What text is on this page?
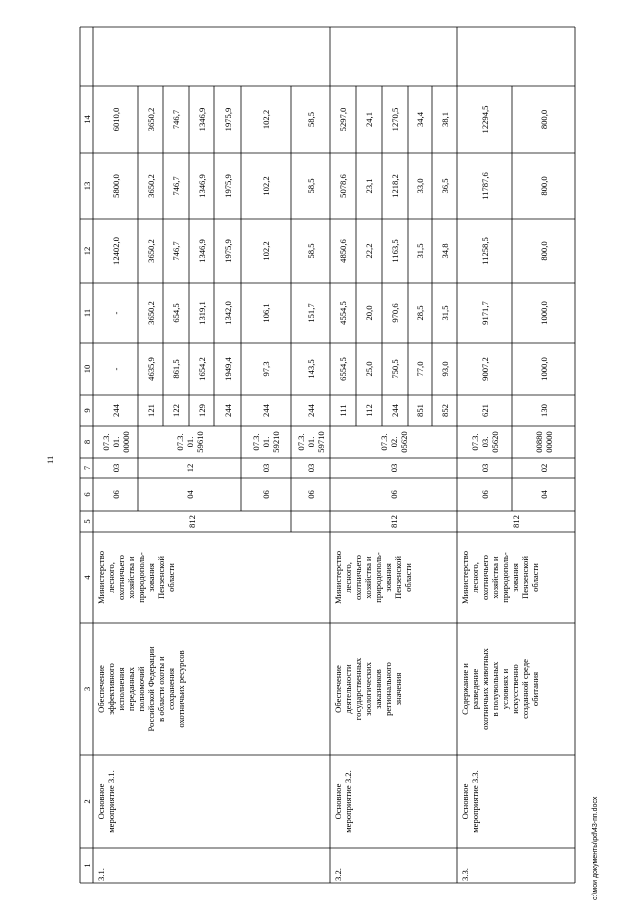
11
c:\мои документы\pd\43-пп.docx
1
2
3
4
5
6
7
8
9
10
11
12
13
14
3.1.
Основное
мероприятие 3.1.
Обеспечение
эффективного
исполнения
переданных
полномочий
Российской Федерации
в области охоты и
сохранения
охотничьих ресурсов
Министерство
лесного,
охотничьего
хозяйства и
природополь-
зования
Пензенской
области
812
244
-
-
12402,0
5800,0
6010,0
121
4635,9
3650,2
3650,2
3650,2
3650,2
122
861,5
654,5
746,7
746,7
746,7
129
1654,2
1319,1
1346,9
1346,9
1346,9
244
1949,4
1342,0
1975,9
1975,9
1975,9
244
97,3
106,1
102,2
102,2
102,2
244
143,5
151,7
58,5
58,5
58,5
06
03
07.3.
01.
00000
04
12
07.3.
01.
59610
06
03
07.3.
01.
59210
06
03
07.3.
01.
59710
3.2.
Основное
мероприятие 3.2.
Обеспечение
деятельности
государственных
зоологических
заказников
регионального
значения
Министерство
лесного,
охотничьего
хозяйства и
природополь-
зования
Пензенской
области
812
06
03
07.3.
02.
05620
111
6554,5
4554,5
4850,6
5078,6
5297,0
112
25,0
20,0
22,2
23,1
24,1
244
750,5
970,6
1163,5
1218,2
1270,5
851
77,0
28,5
31,5
33,0
34,4
852
93,0
31,5
34,8
36,5
38,1
3.3.
Основное
мероприятие 3.3.
Содержание и
разведение
охотничьих животных
в полувольных
условиях и
искусственно
созданной среде
обитания
Министерство
лесного,
охотничьего
хозяйства и
природополь-
зования
Пензенской
области
812
06
03
07.3.
03.
05620
621
9007,2
9171,7
11258,5
11787,6
12294,5
04
02
00880
00000
130
1000,0
1000,0
800,0
800,0
800,0
